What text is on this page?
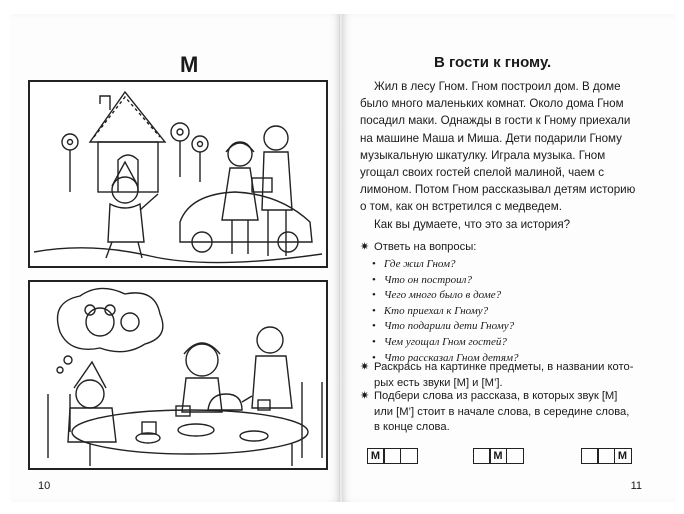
М
10
В гости к гному.

Жил в лесу Гном. Гном построил дом. В доме было много маленьких комнат. Около дома Гном посадил маки. Однажды в гости к Гному приехали на машине Маша и Миша. Дети подарили Гному музыкальную шкатулку. Играла музыка. Гном угощал своих гостей спелой малиной, чаем с лимоном. Потом Гном рассказывал детям историю о том, как он встретился с медведем.

Как вы думаете, что это за история?

✷ Ответь на вопросы:
• Где жил Гном?
• Что он построил?
• Чего много было в доме?
• Кто приехал к Гному?
• Что подарили дети Гному?
• Чем угощал Гном гостей?
• Что рассказал Гном детям?
✷ Раскрась на картинке предметы, в названии кото-
рых есть звуки [М] и [М’].
✷ Подбери слова из рассказа, в которых звук [М]
или [М’] стоит в начале слова, в середине слова,
в конце слова.
М	М	М
11
